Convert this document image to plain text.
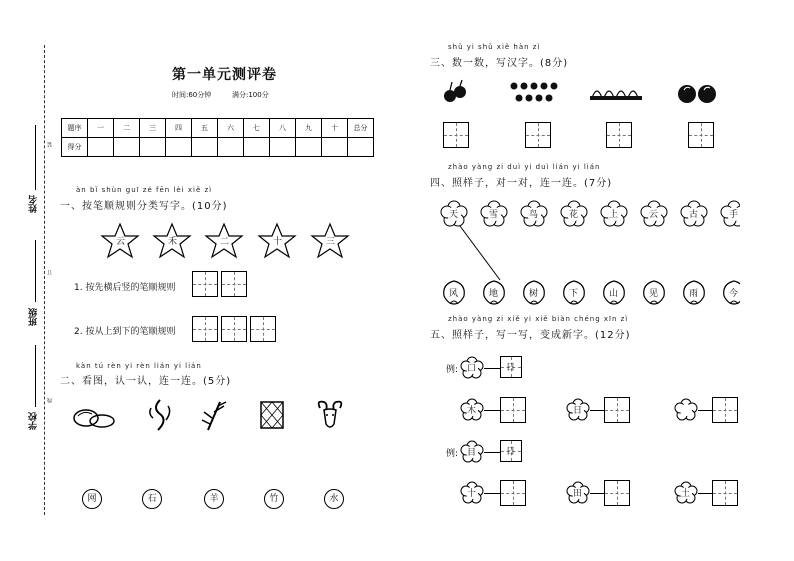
装
订
线
姓名
班级
学校
第一单元测评卷
时间:60分钟	满分:100分
题序	一	二	三	四	五	六	七	八	九	十	总分
得分											
àn bǐ shùn guī zé fēn lèi xiě zì
一、按笔顺规则分类写字。(10分)
云	禾	二	十	三
1. 按先横后竖的笔顺规则
2. 按从上到下的笔顺规则
kàn tú rèn yi rèn lián yi lián
二、看图，认一认，连一连。(5分)
网	石	羊	竹	水
shǔ yi shǔ xiě hàn zì
三、数一数，写汉字。(8分)
zhào yàng zi duì yi duì lián yi lián
四、照样子，对一对，连一连。(7分)
天	雪	鸟	花	上	云	古	手
风	地	树	下	山	见	雨	今
zhào yàng zi xiě yi xiě biàn chéng xīn zì
五、照样子，写一写，变成新字。(12分)
例: 口	日
木	日
例: 目	日
十	田	土
